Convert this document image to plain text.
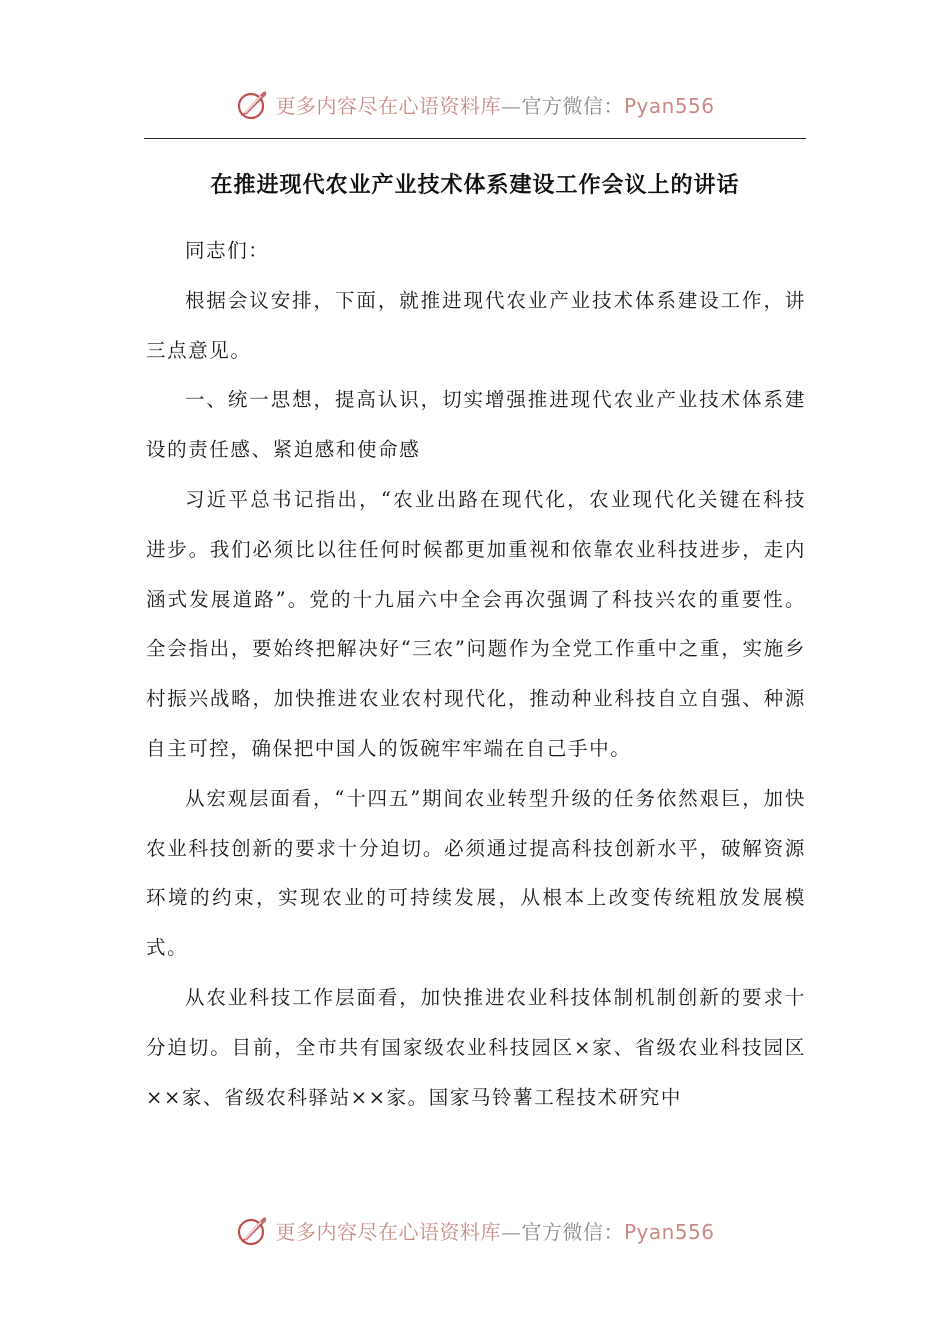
更多内容尽在心语资料库—官方微信：Pyan556
在推进现代农业产业技术体系建设工作会议上的讲话

同志们：

根据会议安排，下面，就推进现代农业产业技术体系建设工作，讲三点意见。

一、统一思想，提高认识，切实增强推进现代农业产业技术体系建设的责任感、紧迫感和使命感

习近平总书记指出，“农业出路在现代化，农业现代化关键在科技进步。我们必须比以往任何时候都更加重视和依靠农业科技进步，走内涵式发展道路”。党的十九届六中全会再次强调了科技兴农的重要性。全会指出，要始终把解决好“三农”问题作为全党工作重中之重，实施乡村振兴战略，加快推进农业农村现代化，推动种业科技自立自强、种源自主可控，确保把中国人的饭碗牢牢端在自己手中。

从宏观层面看，“十四五”期间农业转型升级的任务依然艰巨，加快农业科技创新的要求十分迫切。必须通过提高科技创新水平，破解资源环境的约束，实现农业的可持续发展，从根本上改变传统粗放发展模式。

从农业科技工作层面看，加快推进农业科技体制机制创新的要求十分迫切。目前，全市共有国家级农业科技园区×家、省级农业科技园区××家、省级农科驿站××家。国家马铃薯工程技术研究中

更多内容尽在心语资料库—官方微信：Pyan556
